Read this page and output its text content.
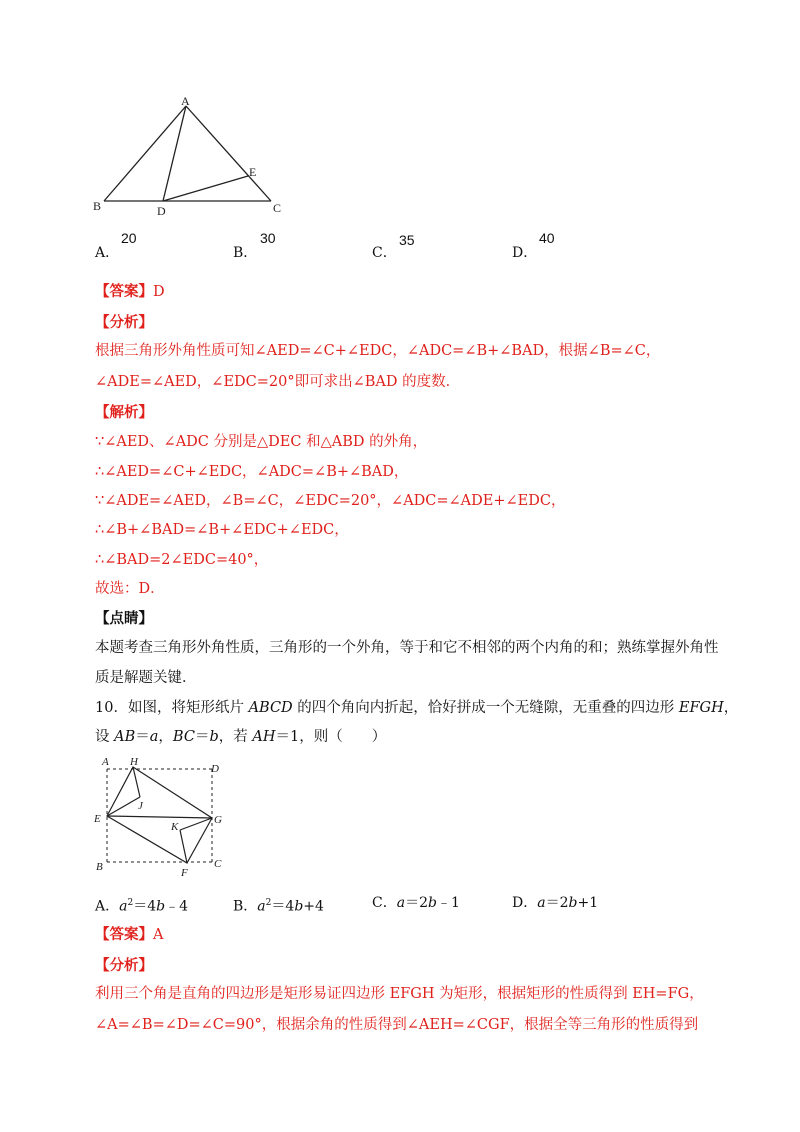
A
B	C
D
E
A．
20
B．
30
C．
35
D．
40
【答案】D
【分析】
根据三角形外角性质可知∠AED=∠C+∠EDC，∠ADC=∠B+∠BAD，根据∠B=∠C，
∠ADE=∠AED，∠EDC=20°即可求出∠BAD 的度数．
【解析】
∵∠AED、∠ADC 分别是△DEC 和△ABD 的外角，
∴∠AED=∠C+∠EDC，∠ADC=∠B+∠BAD，
∵∠ADE=∠AED，∠B=∠C，∠EDC=20°，∠ADC=∠ADE+∠EDC，
∴∠B+∠BAD=∠B+∠EDC+∠EDC，
∴∠BAD=2∠EDC=40°，
故选：D．
【点睛】
本题考查三角形外角性质，三角形的一个外角，等于和它不相邻的两个内角的和；熟练掌握外角性
质是解题关键．
10．如图，将矩形纸片 ABCD 的四个角向内折起，恰好拼成一个无缝隙，无重叠的四边形 EFGH，
设 AB＝a，BC＝b，若 AH＝1，则（　　）
A H
D
J
E
K
G
B	F
C
A．$a^2=4b﹣4$	B．$a^2=4b+4$	C．a＝2b﹣1	D．a＝2b+1
【答案】A
【分析】
利用三个角是直角的四边形是矩形易证四边形 EFGH 为矩形，根据矩形的性质得到 EH=FG，
∠A=∠B=∠D=∠C=90°，根据余角的性质得到∠AEH=∠CGF，根据全等三角形的性质得到
